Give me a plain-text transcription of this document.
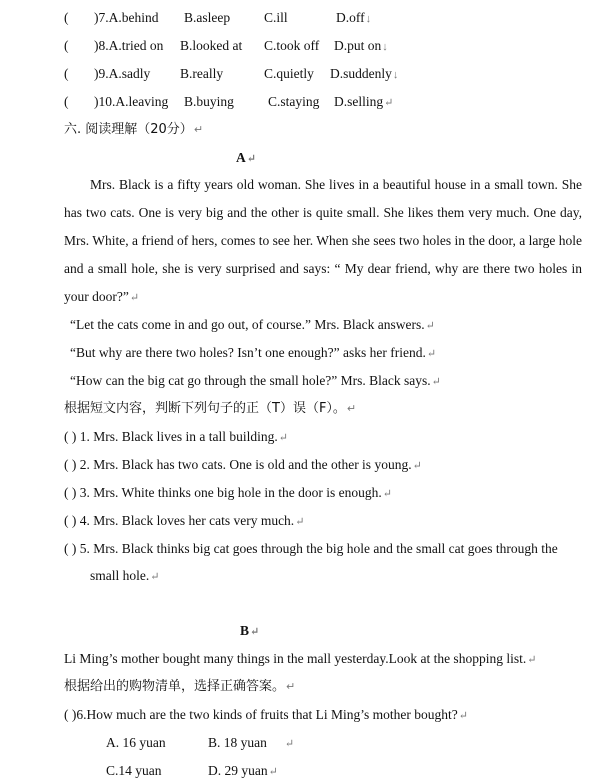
( )7.A.behind B.asleep	C.ill	D.off↓
( )8.A.tried on B.looked at C.took off D.put on↓
( )9.A.sadly B.really	C.quietly D.suddenly↓
( )10.A.leaving B.buying	C.staying D.selling↵
六. 阅读理解（20分）↵
A↵
Mrs. Black is a fifty years old woman. She lives in a beautiful house in a small town. She has two cats. One is very big and the other is quite small. She likes them very much. One day, Mrs. White, a friend of hers, comes to see her. When she sees two holes in the door, a large hole and a small hole, she is very surprised and says: “ My dear friend, why are there two holes in your door?”↵
“Let the cats come in and go out, of course.” Mrs. Black answers.↵
“But why are there two holes? Isn’t one enough?” asks her friend.↵
“How can the big cat go through the small hole?” Mrs. Black says.↵
根据短文内容，判断下列句子的正（T）误（F）。↵
( ) 1. Mrs. Black lives in a tall building.↵
( ) 2. Mrs. Black has two cats. One is old and the other is young.↵
( ) 3. Mrs. White thinks one big hole in the door is enough.↵
( ) 4. Mrs. Black loves her cats very much.↵
( ) 5. Mrs. Black thinks big cat goes through the big hole and the small cat goes through the
small hole.↵
B↵
Li Ming’s mother bought many things in the mall yesterday.Look at the shopping list.↵
根据给出的购物清单，选择正确答案。↵
( )6.How much are the two kinds of fruits that Li Ming’s mother bought?↵
A. 16 yuan	B. 18 yuan ↵
C.14 yuan	D. 29 yuan↵
